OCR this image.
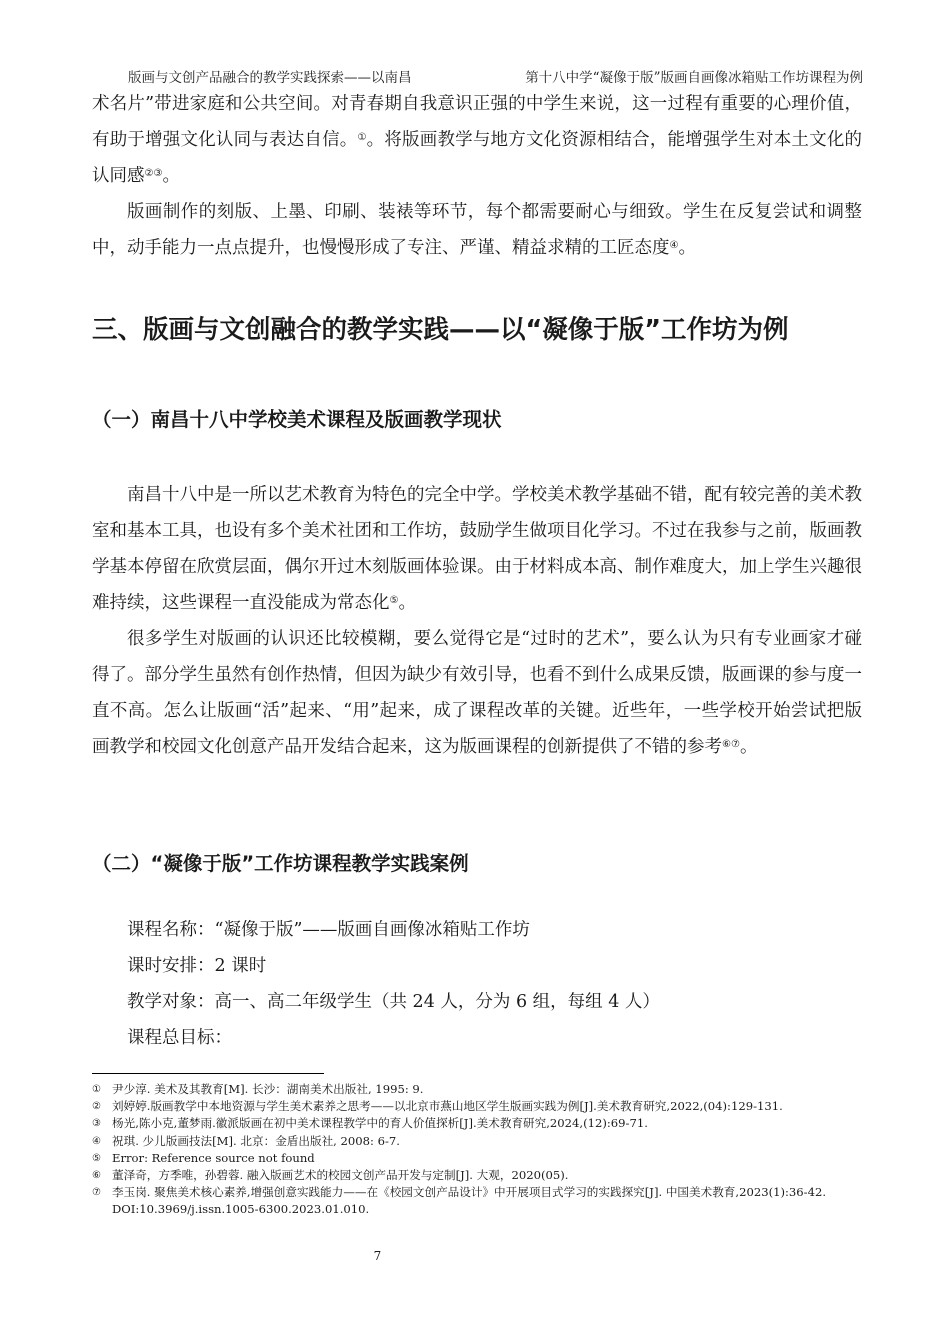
版画与文创产品融合的教学实践探索——以南昌	第十八中学“凝像于版”版画自画像冰箱贴工作坊课程为例

术名片”带进家庭和公共空间。对青春期自我意识正强的中学生来说，这一过程有重要的心理价值，有助于增强文化认同与表达自信。①。将版画教学与地方文化资源相结合，能增强学生对本土文化的认同感②③。

版画制作的刻版、上墨、印刷、装裱等环节，每个都需要耐心与细致。学生在反复尝试和调整中，动手能力一点点提升，也慢慢形成了专注、严谨、精益求精的工匠态度④。

三、版画与文创融合的教学实践——以“凝像于版”工作坊为例
（一）南昌十八中学校美术课程及版画教学现状

南昌十八中是一所以艺术教育为特色的完全中学。学校美术教学基础不错，配有较完善的美术教室和基本工具，也设有多个美术社团和工作坊，鼓励学生做项目化学习。不过在我参与之前，版画教学基本停留在欣赏层面，偶尔开过木刻版画体验课。由于材料成本高、制作难度大，加上学生兴趣很难持续，这些课程一直没能成为常态化⑤。

很多学生对版画的认识还比较模糊，要么觉得它是“过时的艺术”，要么认为只有专业画家才碰得了。部分学生虽然有创作热情，但因为缺少有效引导，也看不到什么成果反馈，版画课的参与度一直不高。怎么让版画“活”起来、“用”起来，成了课程改革的关键。近些年，一些学校开始尝试把版画教学和校园文化创意产品开发结合起来，这为版画课程的创新提供了不错的参考⑥⑦。

（二）“凝像于版”工作坊课程教学实践案例
课程名称：“凝像于版”——版画自画像冰箱贴工作坊
课时安排：2 课时
教学对象：高一、高二年级学生（共 24 人，分为 6 组，每组 4 人）
课程总目标：
① 尹少淳. 美术及其教育[M]. 长沙：湖南美术出版社, 1995: 9.
② 刘婷婷.版画教学中本地资源与学生美术素养之思考——以北京市燕山地区学生版画实践为例[J].美术教育研究,2022,(04):129-131.
③ 杨光,陈小克,董梦雨.徽派版画在初中美术课程教学中的育人价值探析[J].美术教育研究,2024,(12):69-71.
④ 祝琪. 少儿版画技法[M]. 北京：金盾出版社, 2008: 6-7.
⑤ Error: Reference source not found
⑥ 董泽奇，方季唯，孙碧蓉. 融入版画艺术的校园文创产品开发与定制[J]. 大观，2020(05).
⑦ 李玉岗. 聚焦美术核心素养,增强创意实践能力——在《校园文创产品设计》中开展项目式学习的实践探究[J]. 中国美术教育,2023(1):36-42. DOI:10.3969/j.issn.1005-6300.2023.01.010.
7
